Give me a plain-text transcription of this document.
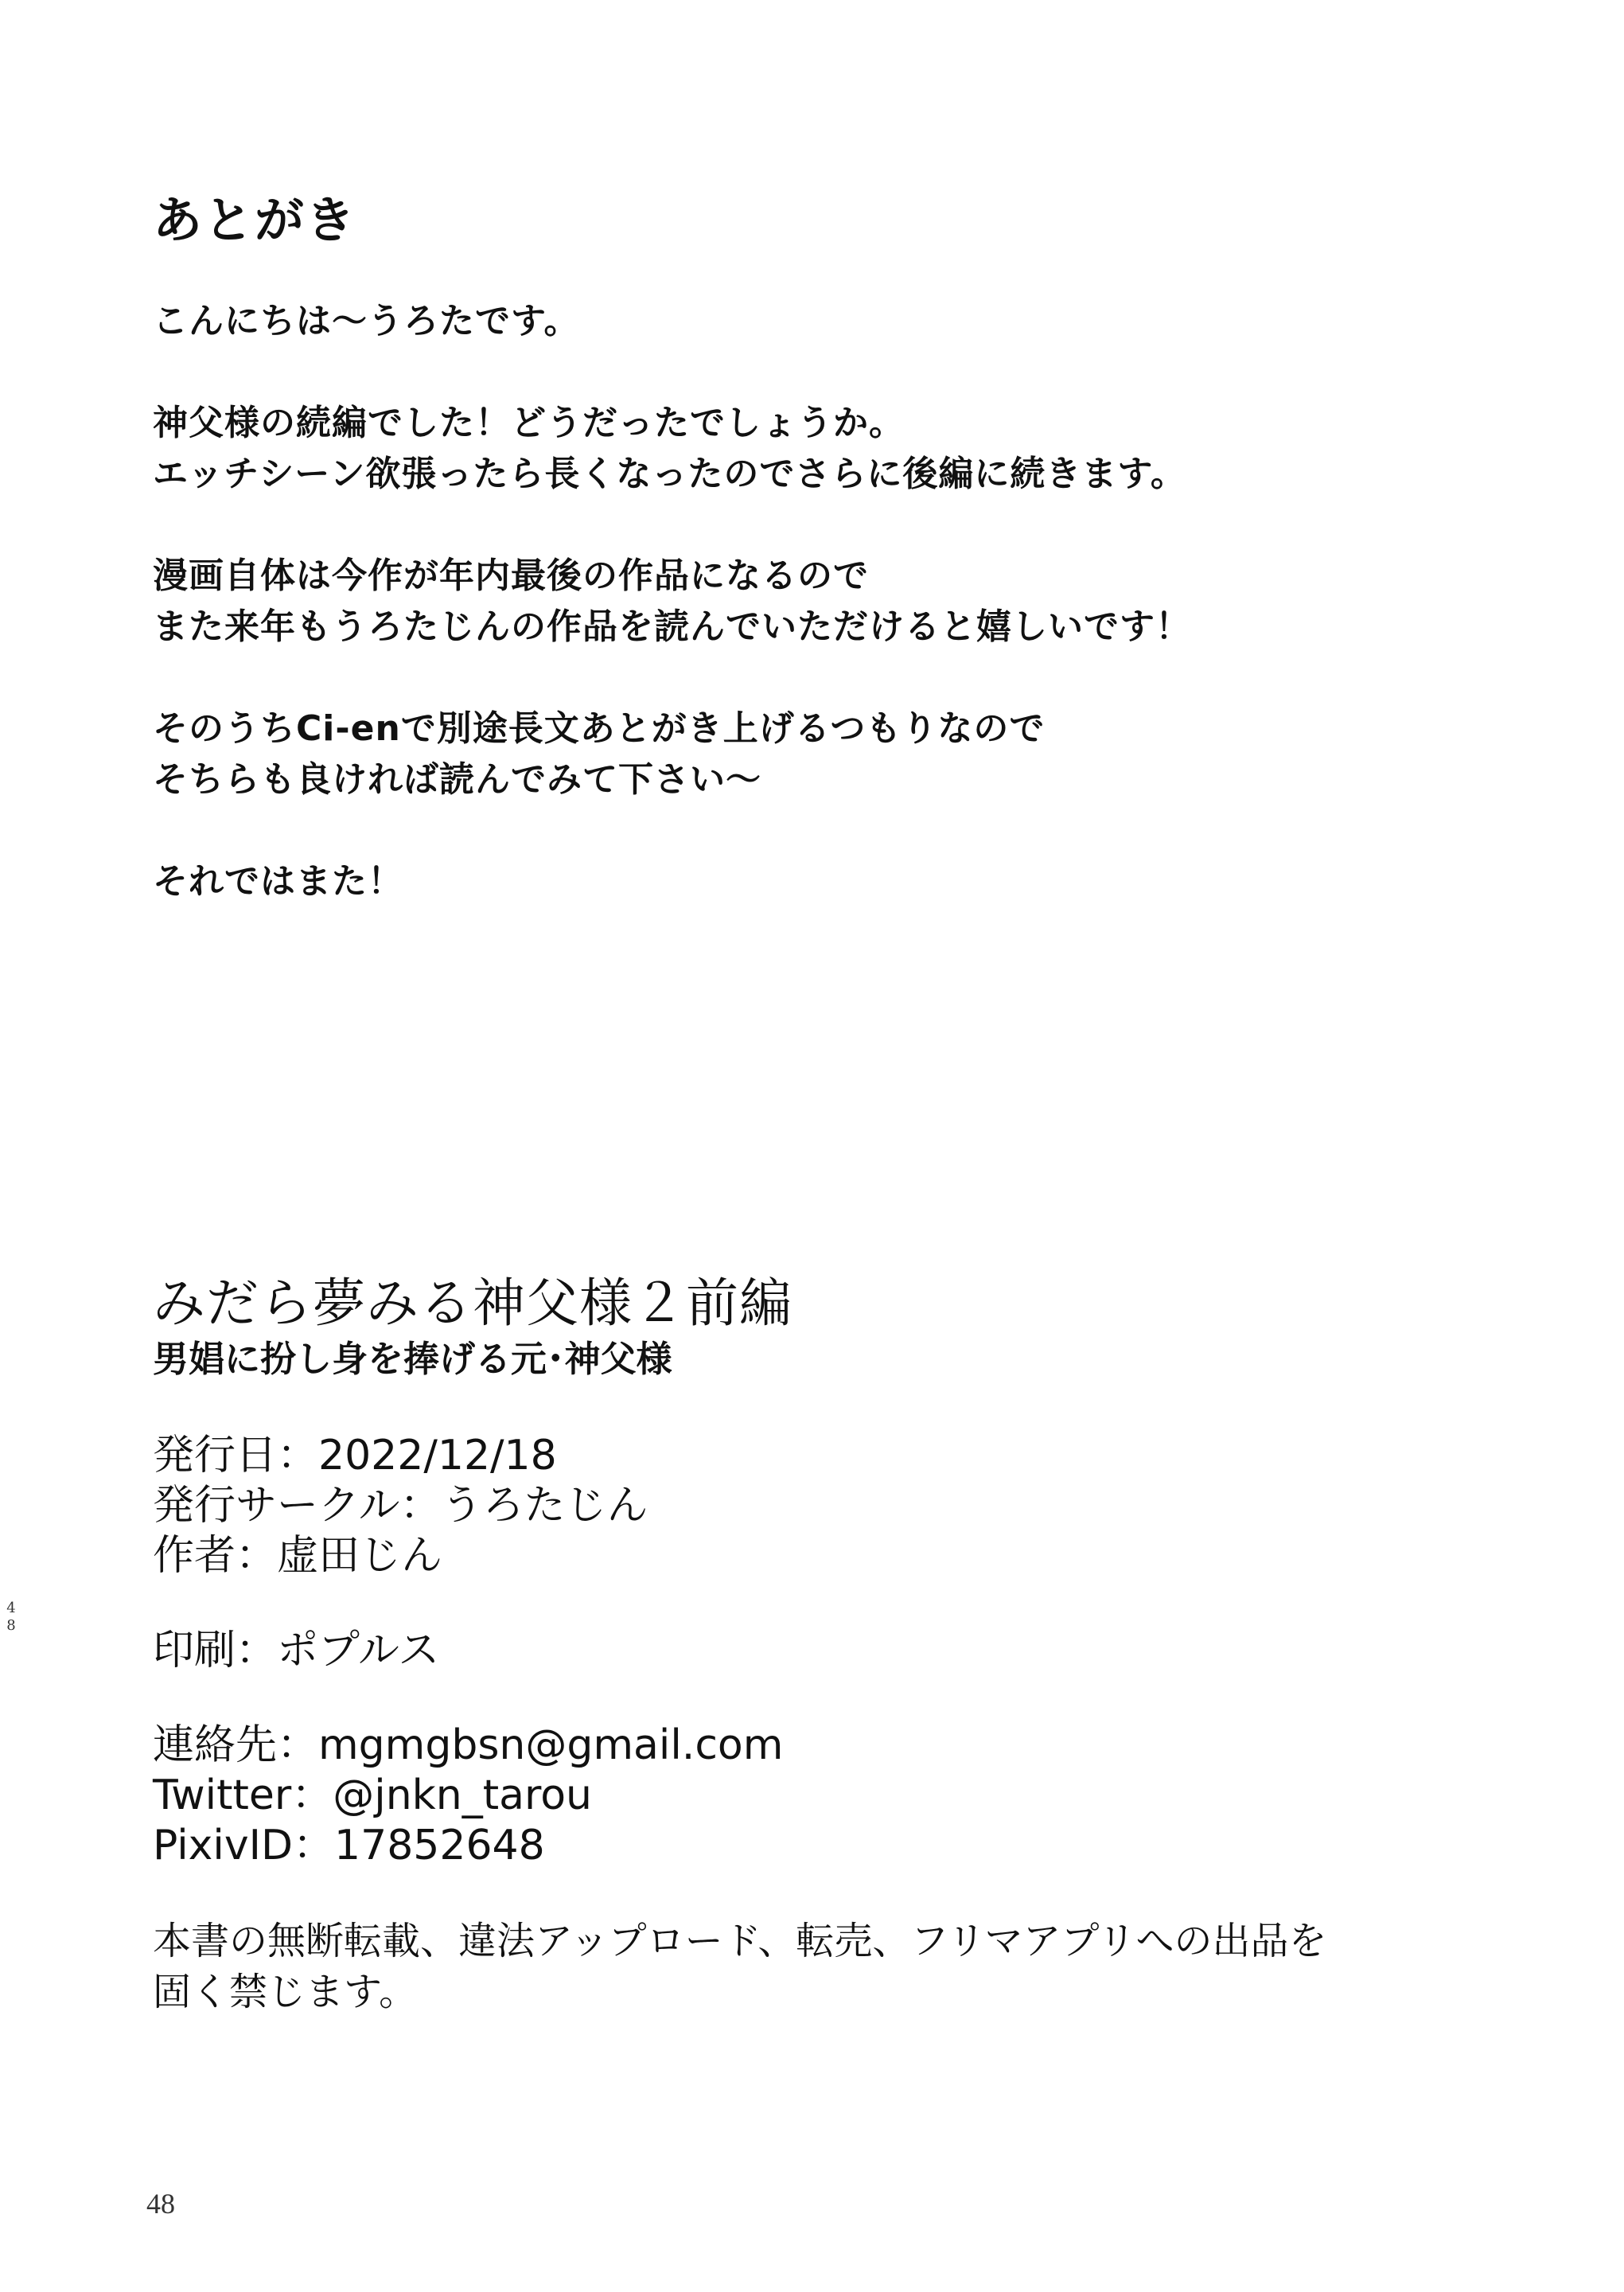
あとがき
こんにちは〜うろたです。
神父様の続編でした！どうだったでしょうか。
エッチシーン欲張ったら長くなったのでさらに後編に続きます。
漫画自体は今作が年内最後の作品になるので
また来年もうろたじんの作品を読んでいただけると嬉しいです！
そのうちCi-enで別途長文あとがき上げるつもりなので
そちらも良ければ読んでみて下さい〜
それではまた！
みだら夢みる神父様２前編
男娼に扮し身を捧げる元･神父様
発行日：2022/12/18
発行サークル：うろたじん
作者：虚田じん
印刷：ポプルス
連絡先：mgmgbsn@gmail.com
Twitter：@jnkn_tarou
PixivID：17852648
本書の無断転載、違法アップロード、転売、フリマアプリへの出品を
固く禁じます。
4
8
48
